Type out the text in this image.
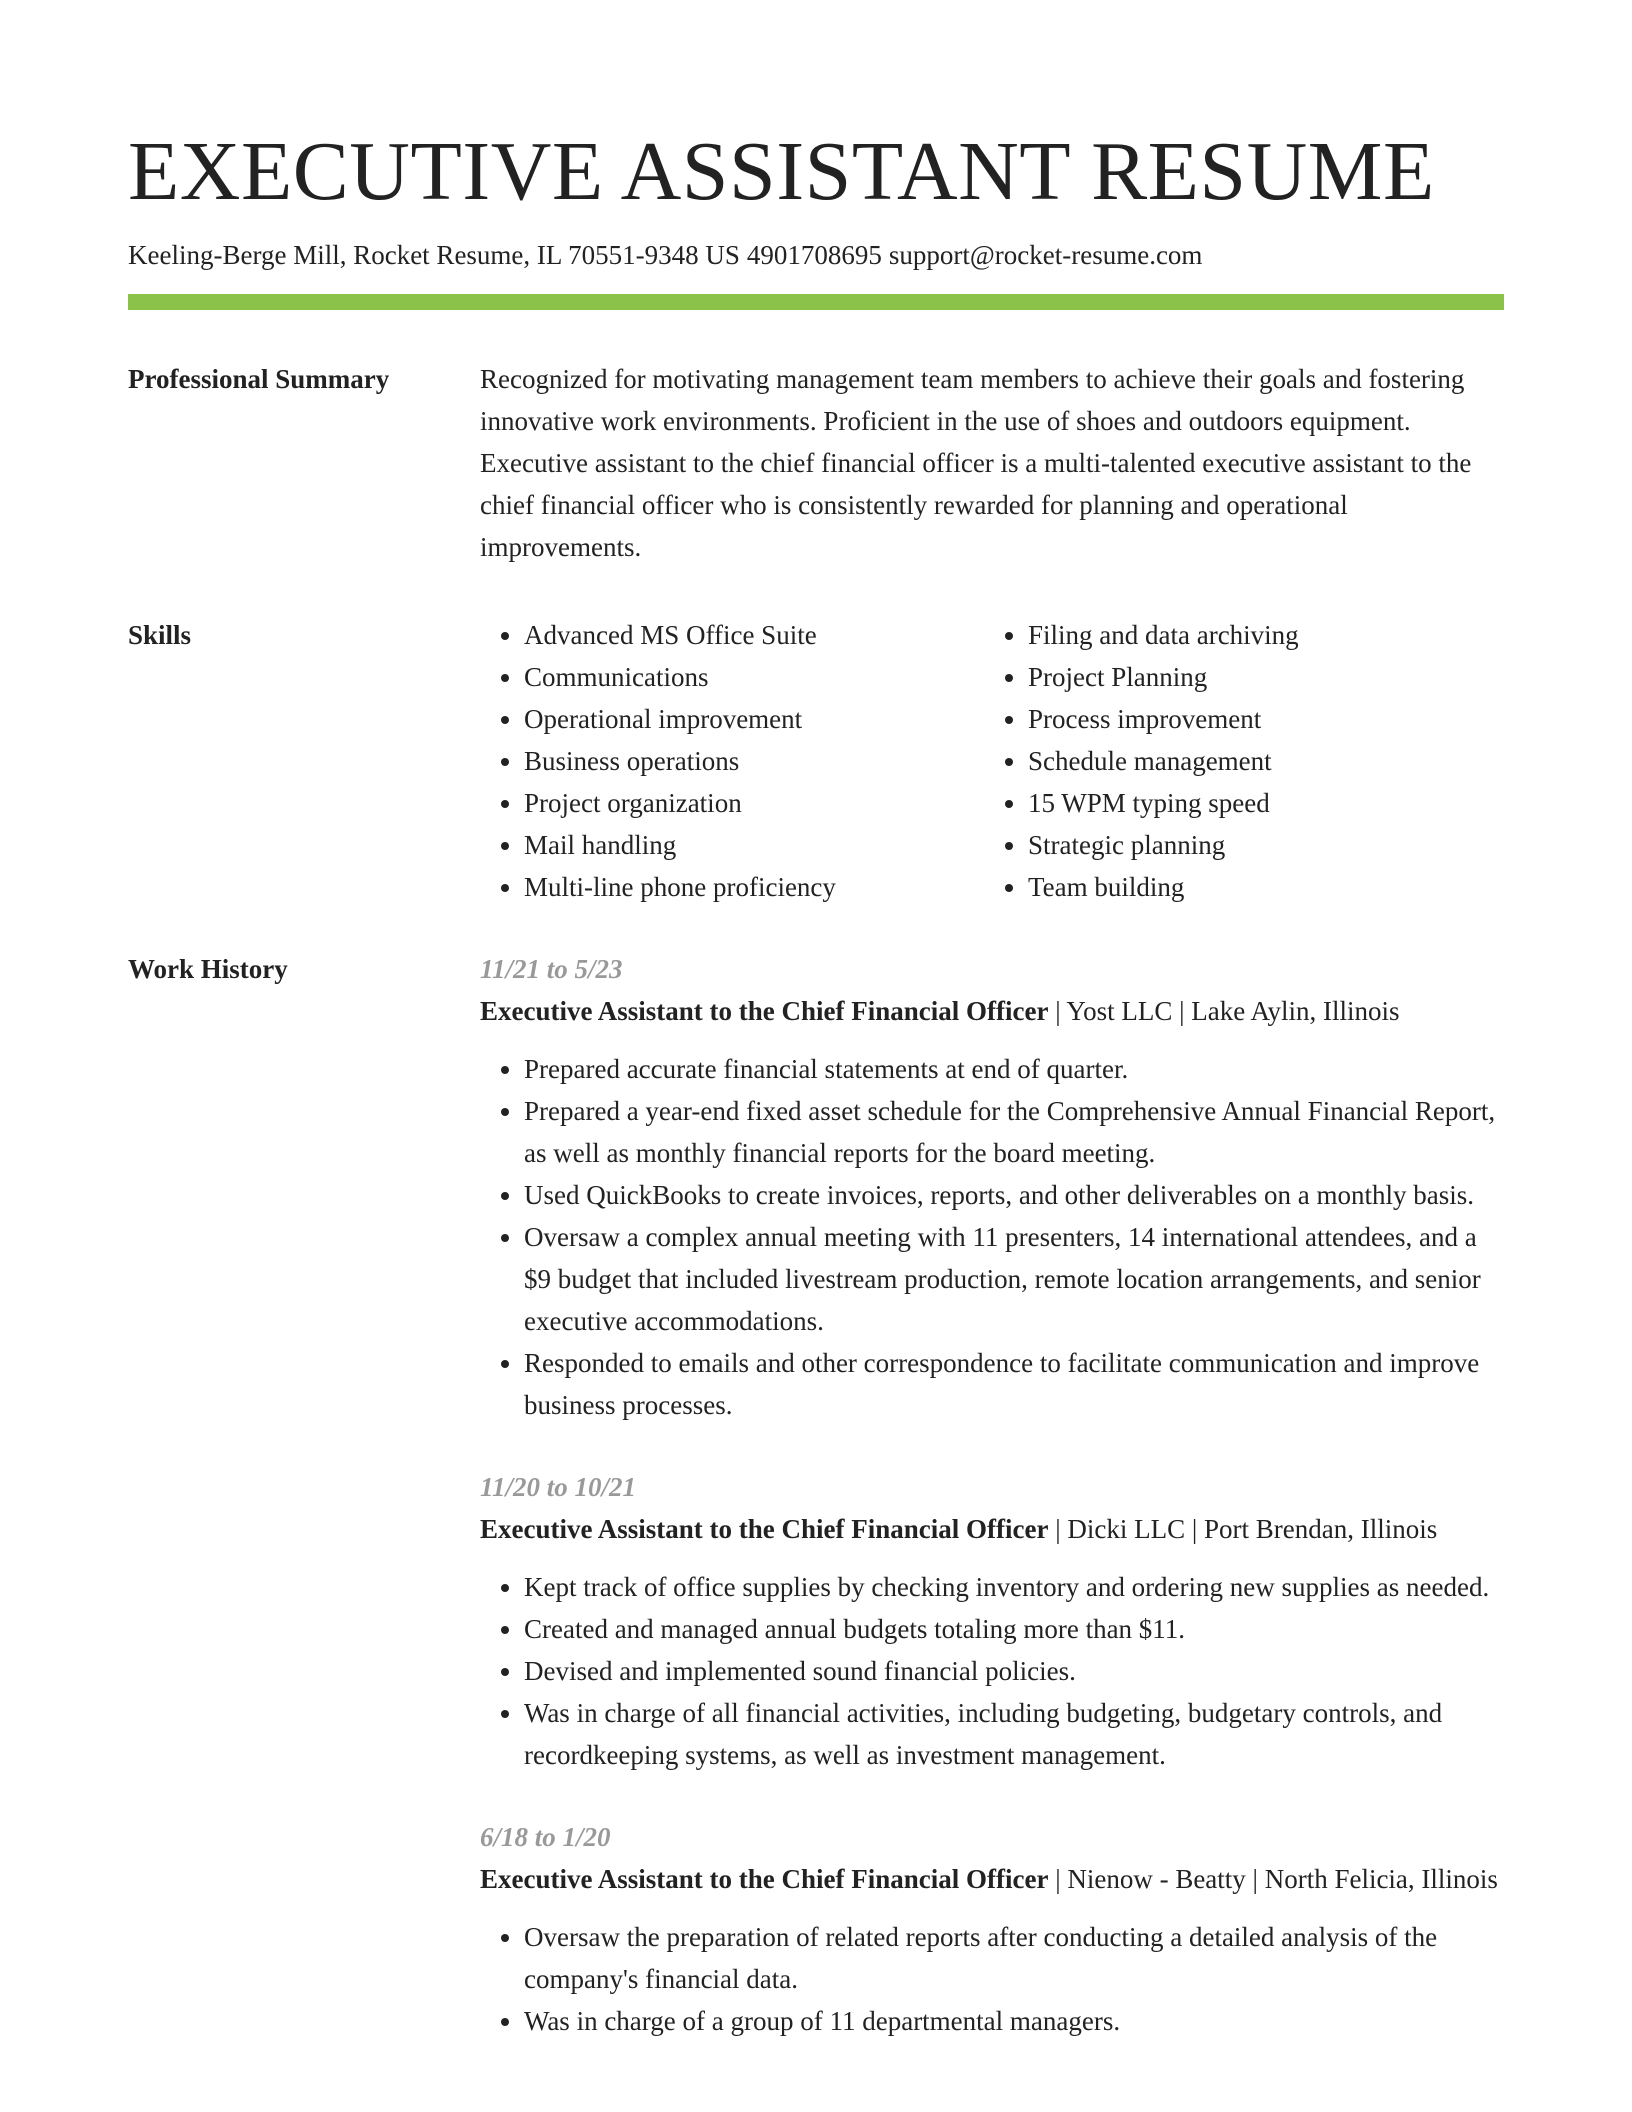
EXECUTIVE ASSISTANT RESUME
Keeling-Berge Mill, Rocket Resume, IL 70551-9348 US 4901708695 support@rocket-resume.com
Professional Summary	Recognized for motivating management team members to achieve their goals and fostering innovative work environments. Proficient in the use of shoes and outdoors equipment. Executive assistant to the chief financial officer is a multi-talented executive assistant to the chief financial officer who is consistently rewarded for planning and operational improvements.

Skills
•	Advanced MS Office Suite
• Communications
• Operational improvement
• Business operations
• Project organization
• Mail handling
• Multi-line phone proficiency
• Filing and data archiving
• Project Planning
• Process improvement
• Schedule management
• 15 WPM typing speed
• Strategic planning
• Team building
Work History	11/21 to 5/23
Executive Assistant to the Chief Financial Officer | Yost LLC | Lake Aylin, Illinois
• Prepared accurate financial statements at end of quarter.
• Prepared a year-end fixed asset schedule for the Comprehensive Annual Financial Report, as well as monthly financial reports for the board meeting.
• Used QuickBooks to create invoices, reports, and other deliverables on a monthly basis.
• Oversaw a complex annual meeting with 11 presenters, 14 international attendees, and a $9 budget that included livestream production, remote location arrangements, and senior executive accommodations.
• Responded to emails and other correspondence to facilitate communication and improve business processes.
11/20 to 10/21
Executive Assistant to the Chief Financial Officer | Dicki LLC | Port Brendan, Illinois
• Kept track of office supplies by checking inventory and ordering new supplies as needed.
• Created and managed annual budgets totaling more than $11.
• Devised and implemented sound financial policies.
• Was in charge of all financial activities, including budgeting, budgetary controls, and recordkeeping systems, as well as investment management.
6/18 to 1/20
Executive Assistant to the Chief Financial Officer | Nienow - Beatty | North Felicia, Illinois
• Oversaw the preparation of related reports after conducting a detailed analysis of the company's financial data.
• Was in charge of a group of 11 departmental managers.
